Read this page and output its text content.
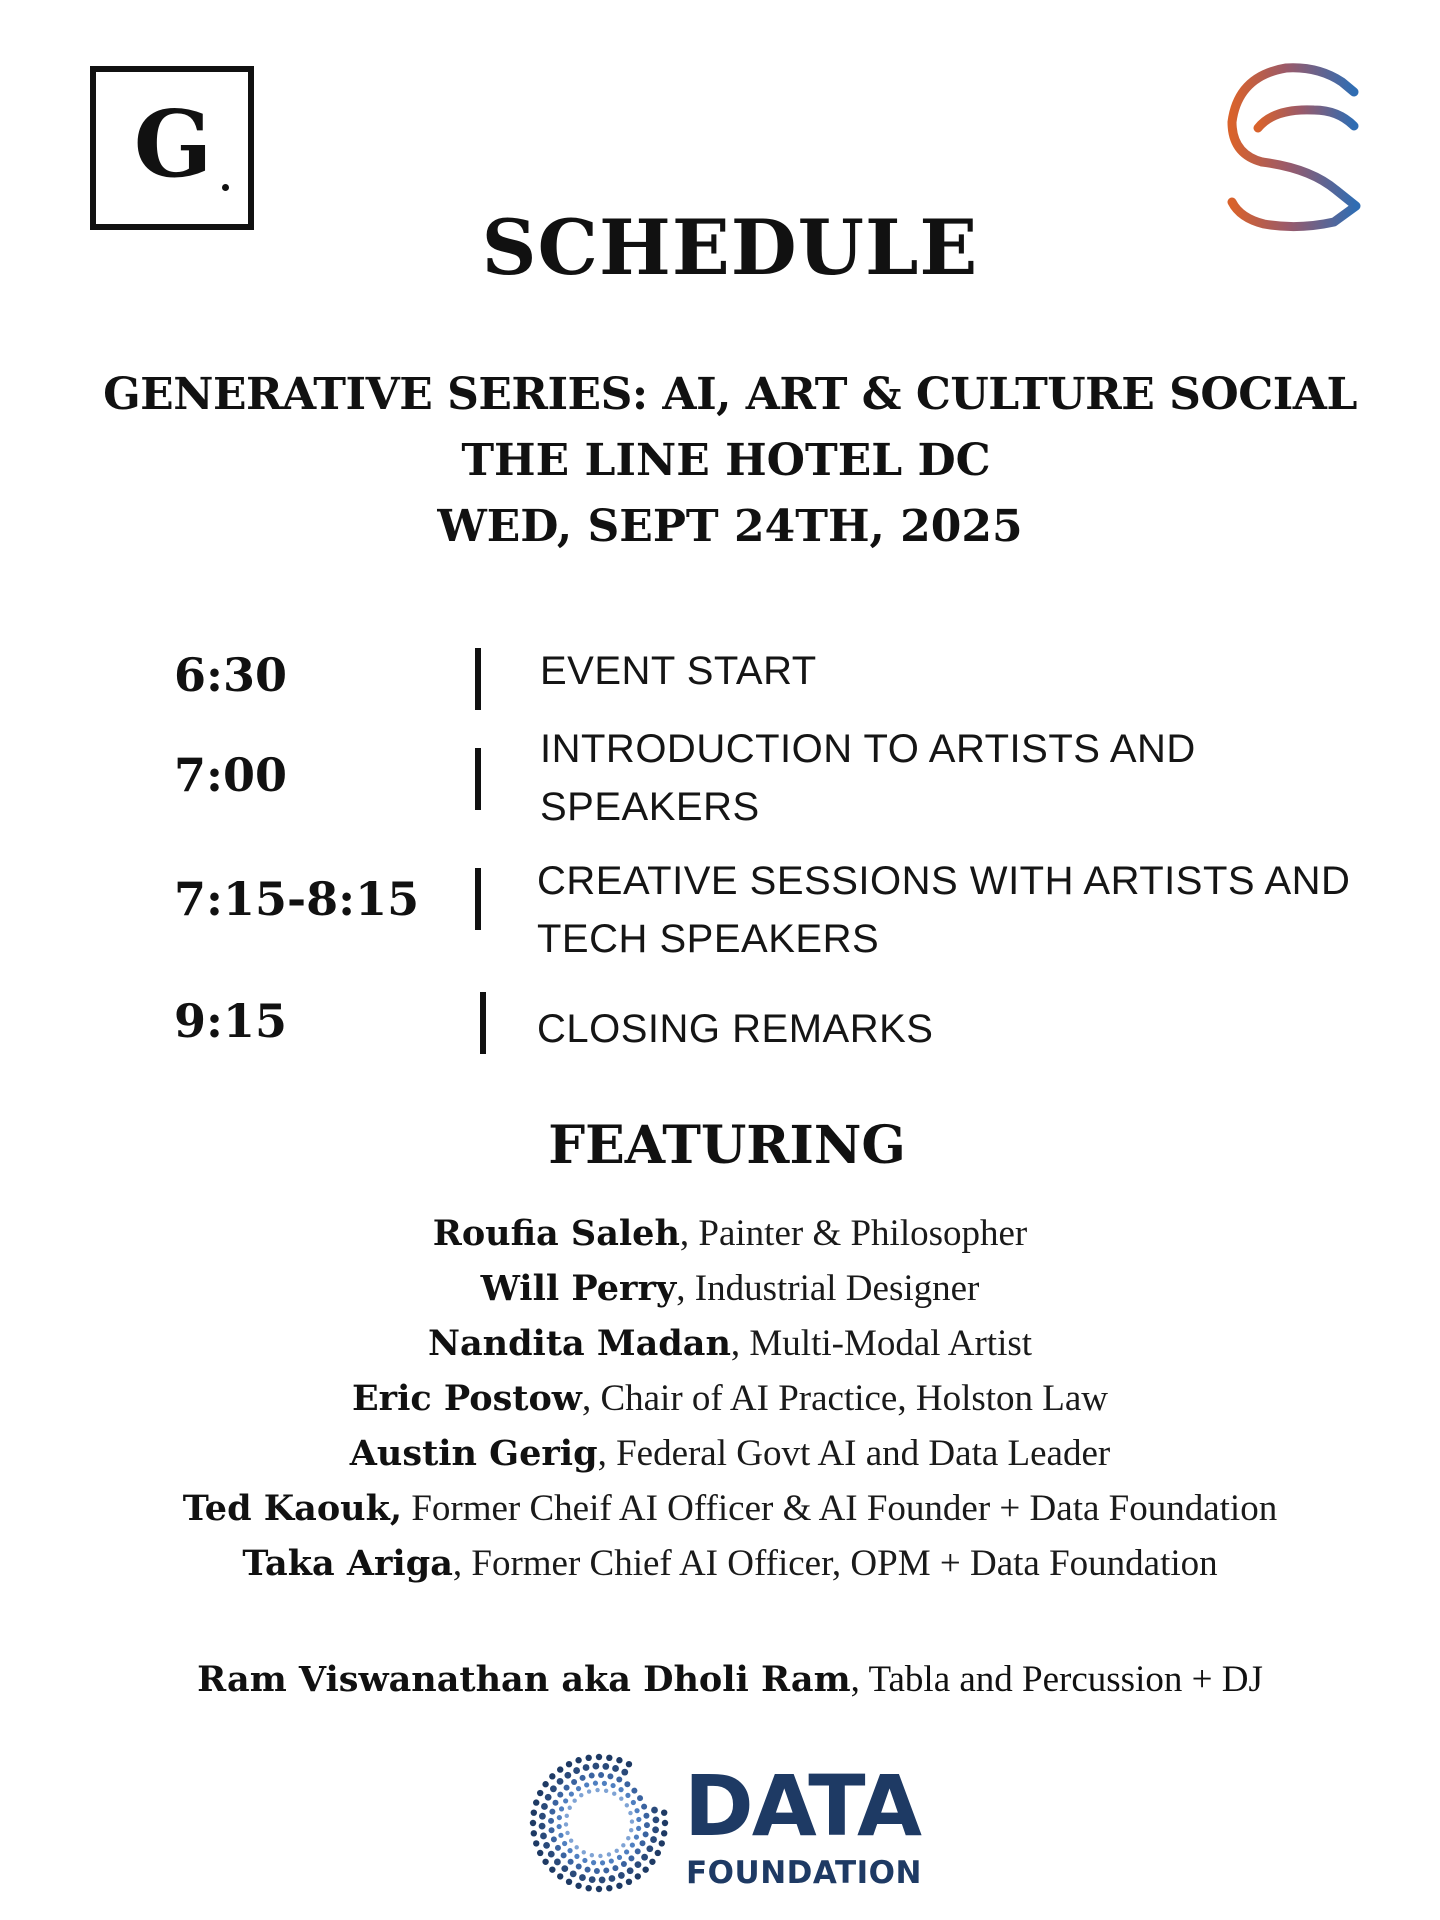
G
SCHEDULE
GENERATIVE SERIES: AI, ART & CULTURE SOCIAL
THE LINE HOTEL DC
WED, SEPT 24TH, 2025
6:30	EVENT START
7:00	INTRODUCTION TO ARTISTS AND
SPEAKERS
7:15-8:15	CREATIVE SESSIONS WITH ARTISTS AND
TECH SPEAKERS
9:15	CLOSING REMARKS
FEATURING
Roufia Saleh, Painter & Philosopher
Will Perry, Industrial Designer
Nandita Madan, Multi-Modal Artist
Eric Postow, Chair of AI Practice, Holston Law
Austin Gerig, Federal Govt AI and Data Leader
Ted Kaouk, Former Cheif AI Officer & AI Founder + Data Foundation
Taka Ariga, Former Chief AI Officer, OPM + Data Foundation
Ram Viswanathan aka Dholi Ram, Tabla and Percussion + DJ
DATA
FOUNDATION
